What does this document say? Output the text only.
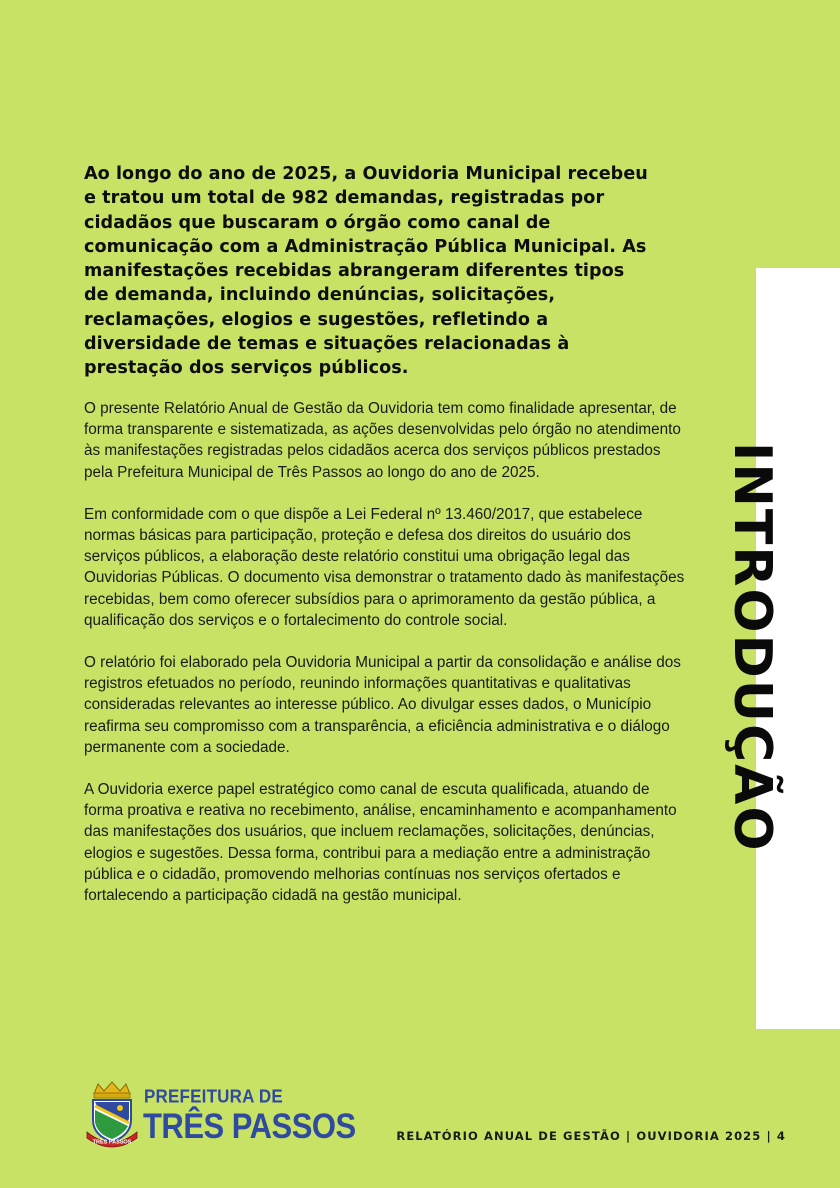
Ao longo do ano de 2025, a Ouvidoria Municipal recebeu e tratou um total de 982 demandas, registradas por cidadãos que buscaram o órgão como canal de comunicação com a Administração Pública Municipal. As manifestações recebidas abrangeram diferentes tipos de demanda, incluindo denúncias, solicitações, reclamações, elogios e sugestões, refletindo a diversidade de temas e situações relacionadas à prestação dos serviços públicos.

O presente Relatório Anual de Gestão da Ouvidoria tem como finalidade apresentar, de forma transparente e sistematizada, as ações desenvolvidas pelo órgão no atendimento às manifestações registradas pelos cidadãos acerca dos serviços públicos prestados pela Prefeitura Municipal de Três Passos ao longo do ano de 2025.

Em conformidade com o que dispõe a Lei Federal nº 13.460/2017, que estabelece normas básicas para participação, proteção e defesa dos direitos do usuário dos serviços públicos, a elaboração deste relatório constitui uma obrigação legal das Ouvidorias Públicas. O documento visa demonstrar o tratamento dado às manifestações recebidas, bem como oferecer subsídios para o aprimoramento da gestão pública, a qualificação dos serviços e o fortalecimento do controle social.

O relatório foi elaborado pela Ouvidoria Municipal a partir da consolidação e análise dos registros efetuados no período, reunindo informações quantitativas e qualitativas consideradas relevantes ao interesse público. Ao divulgar esses dados, o Município reafirma seu compromisso com a transparência, a eficiência administrativa e o diálogo permanente com a sociedade.

A Ouvidoria exerce papel estratégico como canal de escuta qualificada, atuando de forma proativa e reativa no recebimento, análise, encaminhamento e acompanhamento das manifestações dos usuários, que incluem reclamações, solicitações, denúncias, elogios e sugestões. Dessa forma, contribui para a mediação entre a administração pública e o cidadão, promovendo melhorias contínuas nos serviços ofertados e fortalecendo a participação cidadã na gestão municipal.

INTRODUÇÃO
TRÊS PASSOS
PREFEITURA DE
TRÊS PASSOS	RELATÓRIO ANUAL DE GESTÃO | OUVIDORIA 2025 | 4
